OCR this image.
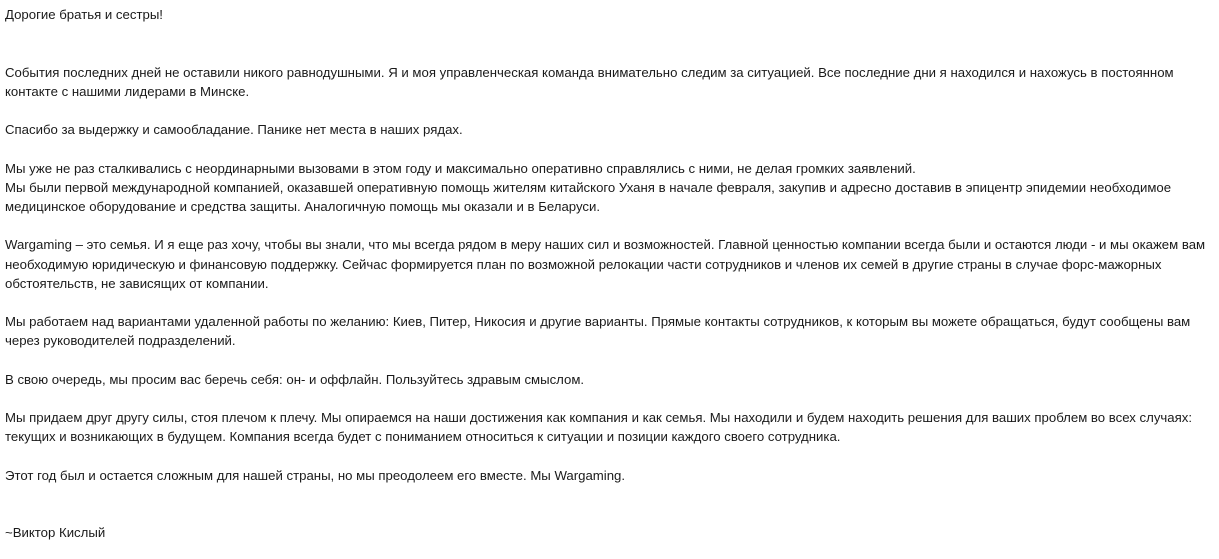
Дорогие братья и сестры!

События последних дней не оставили никого равнодушными. Я и моя управленческая команда внимательно следим за ситуацией. Все последние дни я находился и нахожусь в постоянном контакте с нашими лидерами в Минске.

Спасибо за выдержку и самообладание. Панике нет места в наших рядах.

Мы уже не раз сталкивались с неординарными вызовами в этом году и максимально оперативно справлялись с ними, не делая громких заявлений.

Мы были первой международной компанией, оказавшей оперативную помощь жителям китайского Уханя в начале февраля, закупив и адресно доставив в эпицентр эпидемии необходимое медицинское оборудование и средства защиты. Аналогичную помощь мы оказали и в Беларуси.

Wargaming – это семья. И я еще раз хочу, чтобы вы знали, что мы всегда рядом в меру наших сил и возможностей. Главной ценностью компании всегда были и остаются люди - и мы окажем вам необходимую юридическую и финансовую поддержку. Сейчас формируется план по возможной релокации части сотрудников и членов их семей в другие страны в случае форс-мажорных обстоятельств, не зависящих от компании.

Мы работаем над вариантами удаленной работы по желанию: Киев, Питер, Никосия и другие варианты. Прямые контакты сотрудников, к которым вы можете обращаться, будут сообщены вам через руководителей подразделений.

В свою очередь, мы просим вас беречь себя: он- и оффлайн. Пользуйтесь здравым смыслом.

Мы придаем друг другу силы, стоя плечом к плечу. Мы опираемся на наши достижения как компания и как семья. Мы находили и будем находить решения для ваших проблем во всех случаях: текущих и возникающих в будущем. Компания всегда будет с пониманием относиться к ситуации и позиции каждого своего сотрудника.

Этот год был и остается сложным для нашей страны, но мы преодолеем его вместе. Мы Wargaming.

~Виктор Кислый
